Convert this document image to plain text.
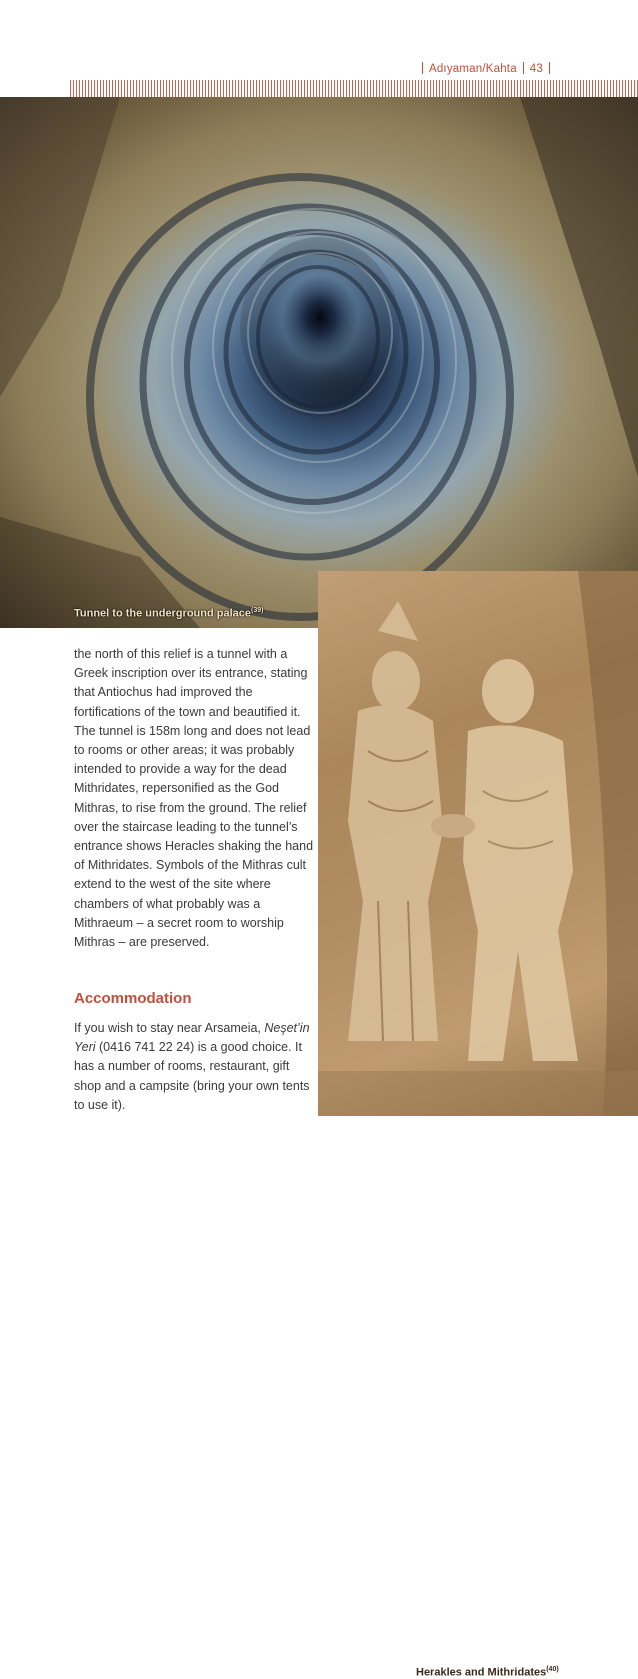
Adıyaman/Kahta 43
Tunnel to the underground palace$^{(39)}$
Herakles and Mithridates$^{(40)}$

the north of this relief is a tunnel with a Greek inscription over its entrance, stating that Antiochus had improved the fortifications of the town and beautified it. The tunnel is 158m long and does not lead to rooms or other areas; it was probably intended to provide a way for the dead Mithridates, repersonified as the God Mithras, to rise from the ground. The relief over the staircase leading to the tunnel’s entrance shows Heracles shaking the hand of Mithridates. Symbols of the Mithras cult extend to the west of the site where chambers of what probably was a Mithraeum – a secret room to worship Mithras – are preserved.

Accommodation

If you wish to stay near Arsameia, Neşet’in Yeri (0416 741 22 24) is a good choice. It has a number of rooms, restaurant, gift shop and a campsite (bring your own tents to use it).
